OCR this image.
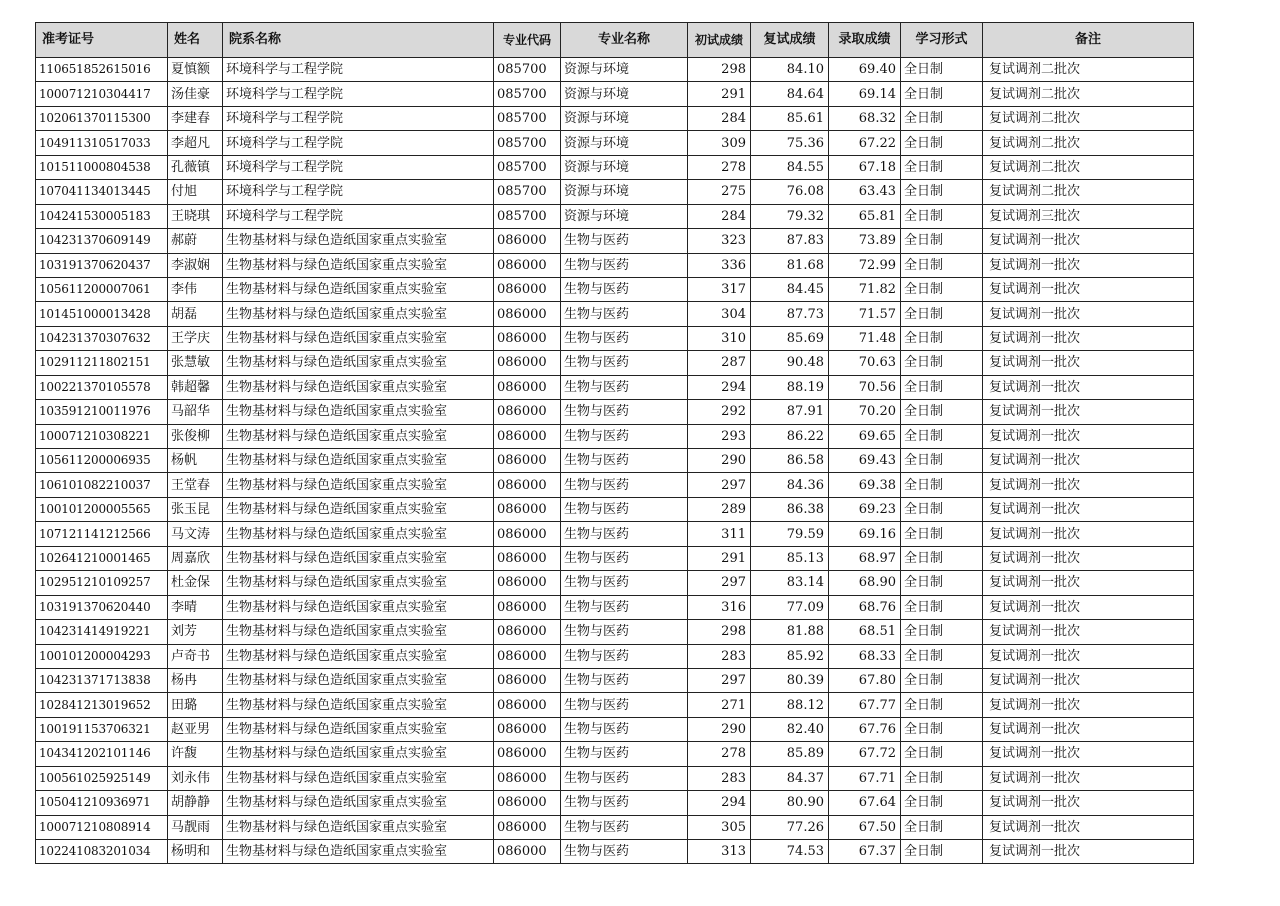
准考证号	姓名	院系名称	专业代码	专业名称	初试成绩	复试成绩	录取成绩	学习形式	备注
110651852615016	夏慎额	环境科学与工程学院	085700	资源与环境	298	84.10	69.40	全日制	复试调剂二批次
100071210304417	汤佳豪	环境科学与工程学院	085700	资源与环境	291	84.64	69.14	全日制	复试调剂二批次
102061370115300	李建春	环境科学与工程学院	085700	资源与环境	284	85.61	68.32	全日制	复试调剂二批次
104911310517033	李超凡	环境科学与工程学院	085700	资源与环境	309	75.36	67.22	全日制	复试调剂二批次
101511000804538	孔薇镇	环境科学与工程学院	085700	资源与环境	278	84.55	67.18	全日制	复试调剂二批次
107041134013445	付旭	环境科学与工程学院	085700	资源与环境	275	76.08	63.43	全日制	复试调剂二批次
104241530005183	王晓琪	环境科学与工程学院	085700	资源与环境	284	79.32	65.81	全日制	复试调剂三批次
104231370609149	郝蔚	生物基材料与绿色造纸国家重点实验室	086000	生物与医药	323	87.83	73.89	全日制	复试调剂一批次
103191370620437	李淑娴	生物基材料与绿色造纸国家重点实验室	086000	生物与医药	336	81.68	72.99	全日制	复试调剂一批次
105611200007061	李伟	生物基材料与绿色造纸国家重点实验室	086000	生物与医药	317	84.45	71.82	全日制	复试调剂一批次
101451000013428	胡磊	生物基材料与绿色造纸国家重点实验室	086000	生物与医药	304	87.73	71.57	全日制	复试调剂一批次
104231370307632	王学庆	生物基材料与绿色造纸国家重点实验室	086000	生物与医药	310	85.69	71.48	全日制	复试调剂一批次
102911211802151	张慧敏	生物基材料与绿色造纸国家重点实验室	086000	生物与医药	287	90.48	70.63	全日制	复试调剂一批次
100221370105578	韩超馨	生物基材料与绿色造纸国家重点实验室	086000	生物与医药	294	88.19	70.56	全日制	复试调剂一批次
103591210011976	马韶华	生物基材料与绿色造纸国家重点实验室	086000	生物与医药	292	87.91	70.20	全日制	复试调剂一批次
100071210308221	张俊柳	生物基材料与绿色造纸国家重点实验室	086000	生物与医药	293	86.22	69.65	全日制	复试调剂一批次
105611200006935	杨帆	生物基材料与绿色造纸国家重点实验室	086000	生物与医药	290	86.58	69.43	全日制	复试调剂一批次
106101082210037	王堂春	生物基材料与绿色造纸国家重点实验室	086000	生物与医药	297	84.36	69.38	全日制	复试调剂一批次
100101200005565	张玉昆	生物基材料与绿色造纸国家重点实验室	086000	生物与医药	289	86.38	69.23	全日制	复试调剂一批次
107121141212566	马文涛	生物基材料与绿色造纸国家重点实验室	086000	生物与医药	311	79.59	69.16	全日制	复试调剂一批次
102641210001465	周嘉欣	生物基材料与绿色造纸国家重点实验室	086000	生物与医药	291	85.13	68.97	全日制	复试调剂一批次
102951210109257	杜金保	生物基材料与绿色造纸国家重点实验室	086000	生物与医药	297	83.14	68.90	全日制	复试调剂一批次
103191370620440	李晴	生物基材料与绿色造纸国家重点实验室	086000	生物与医药	316	77.09	68.76	全日制	复试调剂一批次
104231414919221	刘芳	生物基材料与绿色造纸国家重点实验室	086000	生物与医药	298	81.88	68.51	全日制	复试调剂一批次
100101200004293	卢奇书	生物基材料与绿色造纸国家重点实验室	086000	生物与医药	283	85.92	68.33	全日制	复试调剂一批次
104231371713838	杨冉	生物基材料与绿色造纸国家重点实验室	086000	生物与医药	297	80.39	67.80	全日制	复试调剂一批次
102841213019652	田璐	生物基材料与绿色造纸国家重点实验室	086000	生物与医药	271	88.12	67.77	全日制	复试调剂一批次
100191153706321	赵亚男	生物基材料与绿色造纸国家重点实验室	086000	生物与医药	290	82.40	67.76	全日制	复试调剂一批次
104341202101146	许馥	生物基材料与绿色造纸国家重点实验室	086000	生物与医药	278	85.89	67.72	全日制	复试调剂一批次
100561025925149	刘永伟	生物基材料与绿色造纸国家重点实验室	086000	生物与医药	283	84.37	67.71	全日制	复试调剂一批次
105041210936971	胡静静	生物基材料与绿色造纸国家重点实验室	086000	生物与医药	294	80.90	67.64	全日制	复试调剂一批次
100071210808914	马靓雨	生物基材料与绿色造纸国家重点实验室	086000	生物与医药	305	77.26	67.50	全日制	复试调剂一批次
102241083201034	杨明和	生物基材料与绿色造纸国家重点实验室	086000	生物与医药	313	74.53	67.37	全日制	复试调剂一批次
